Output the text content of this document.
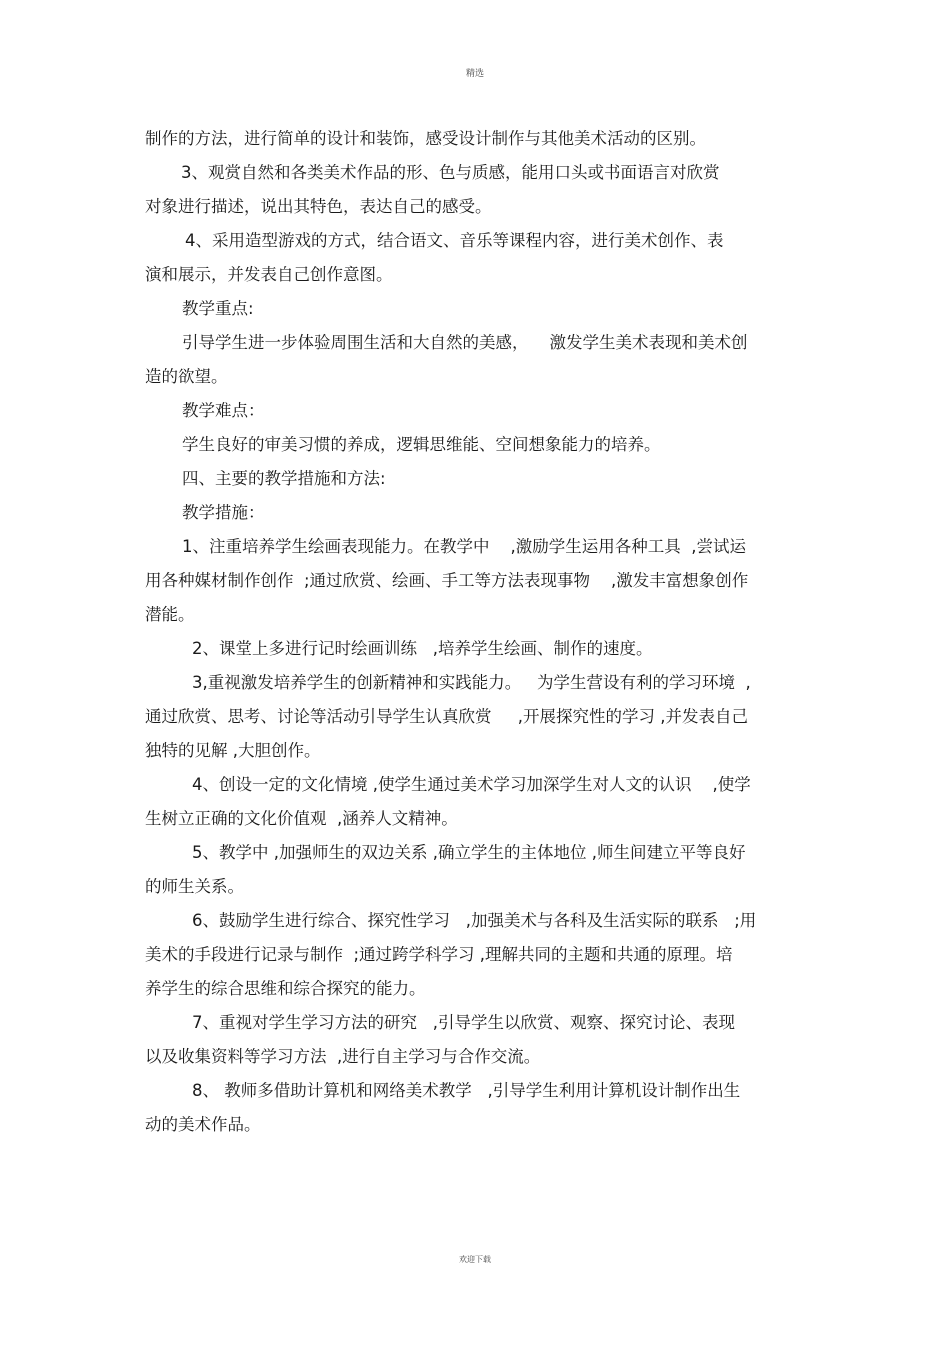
精选

制作的方法，进行简单的设计和装饰，感受设计制作与其他美术活动的区别。

3、观赏自然和各类美术作品的形、色与质感，能用口头或书面语言对欣赏

对象进行描述，说出其特色，表达自己的感受。

4、采用造型游戏的方式，结合语文、音乐等课程内容，进行美术创作、表

演和展示，并发表自己创作意图。

教学重点:

引导学生进一步体验周围生活和大自然的美感，    激发学生美术表现和美术创

造的欲望。

教学难点：

学生良好的审美习惯的养成，逻辑思维能、空间想象能力的培养。

四、主要的教学措施和方法:

教学措施：

1、注重培养学生绘画表现能力。在教学中    ,激励学生运用各种工具  ,尝试运

用各种媒材制作创作  ;通过欣赏、绘画、手工等方法表现事物    ,激发丰富想象创作

潜能。

2、课堂上多进行记时绘画训练   ,培养学生绘画、制作的速度。

3,重视激发培养学生的创新精神和实践能力。   为学生营设有利的学习环境  ,

通过欣赏、思考、讨论等活动引导学生认真欣赏     ,开展探究性的学习 ,并发表自己

独特的见解 ,大胆创作。

4、创设一定的文化情境 ,使学生通过美术学习加深学生对人文的认识    ,使学

生树立正确的文化价值观  ,涵养人文精神。

5、教学中 ,加强师生的双边关系 ,确立学生的主体地位 ,师生间建立平等良好

的师生关系。

6、鼓励学生进行综合、探究性学习   ,加强美术与各科及生活实际的联系   ;用

美术的手段进行记录与制作  ;通过跨学科学习 ,理解共同的主题和共通的原理。培

养学生的综合思维和综合探究的能力。

7、重视对学生学习方法的研究   ,引导学生以欣赏、观察、探究讨论、表现

以及收集资料等学习方法  ,进行自主学习与合作交流。

8、 教师多借助计算机和网络美术教学   ,引导学生利用计算机设计制作出生

动的美术作品。

欢迎下载
